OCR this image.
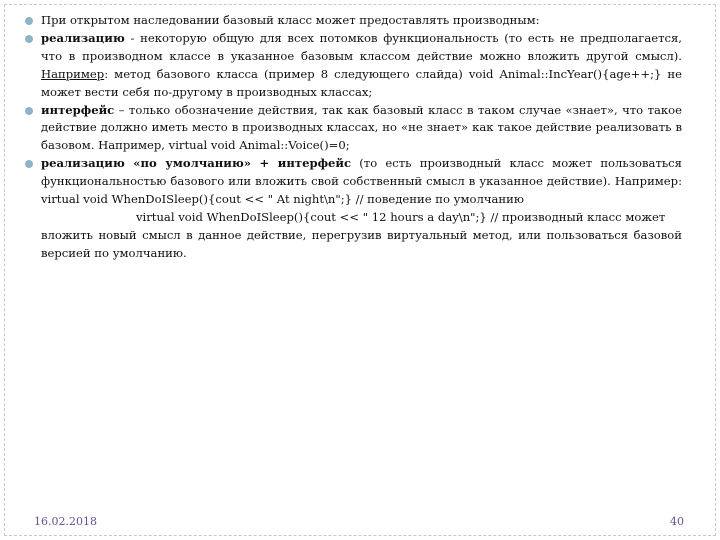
При открытом наследовании базовый класс может предоставлять производным:
реализацию - некоторую общую для всех потомков функциональность (то есть не предполагается, что в производном классе в указанное базовым классом действие можно вложить другой смысл). Например: метод базового класса (пример 8 следующего слайда) void Animal::IncYear(){age++;} не может вести себя по-другому в производных классах;
интерфейс – только обозначение действия, так как базовый класс в таком случае «знает», что такое действие должно иметь место в производных классах, но «не знает» как такое действие реализовать в базовом. Например, virtual void Animal::Voice()=0;
реализацию «по умолчанию» + интерфейс (то есть производный класс может пользоваться функциональностью базового или вложить свой собственный смысл в указанное действие). Например: virtual void WhenDoISleep(){cout << " At night\n";} // поведение по умолчанию
virtual void WhenDoISleep(){cout << " 12 hours a day\n";} // производный класс может
вложить новый смысл в данное действие, перегрузив виртуальный метод, или пользоваться базовой версией по умолчанию.
16.02.2018	40
